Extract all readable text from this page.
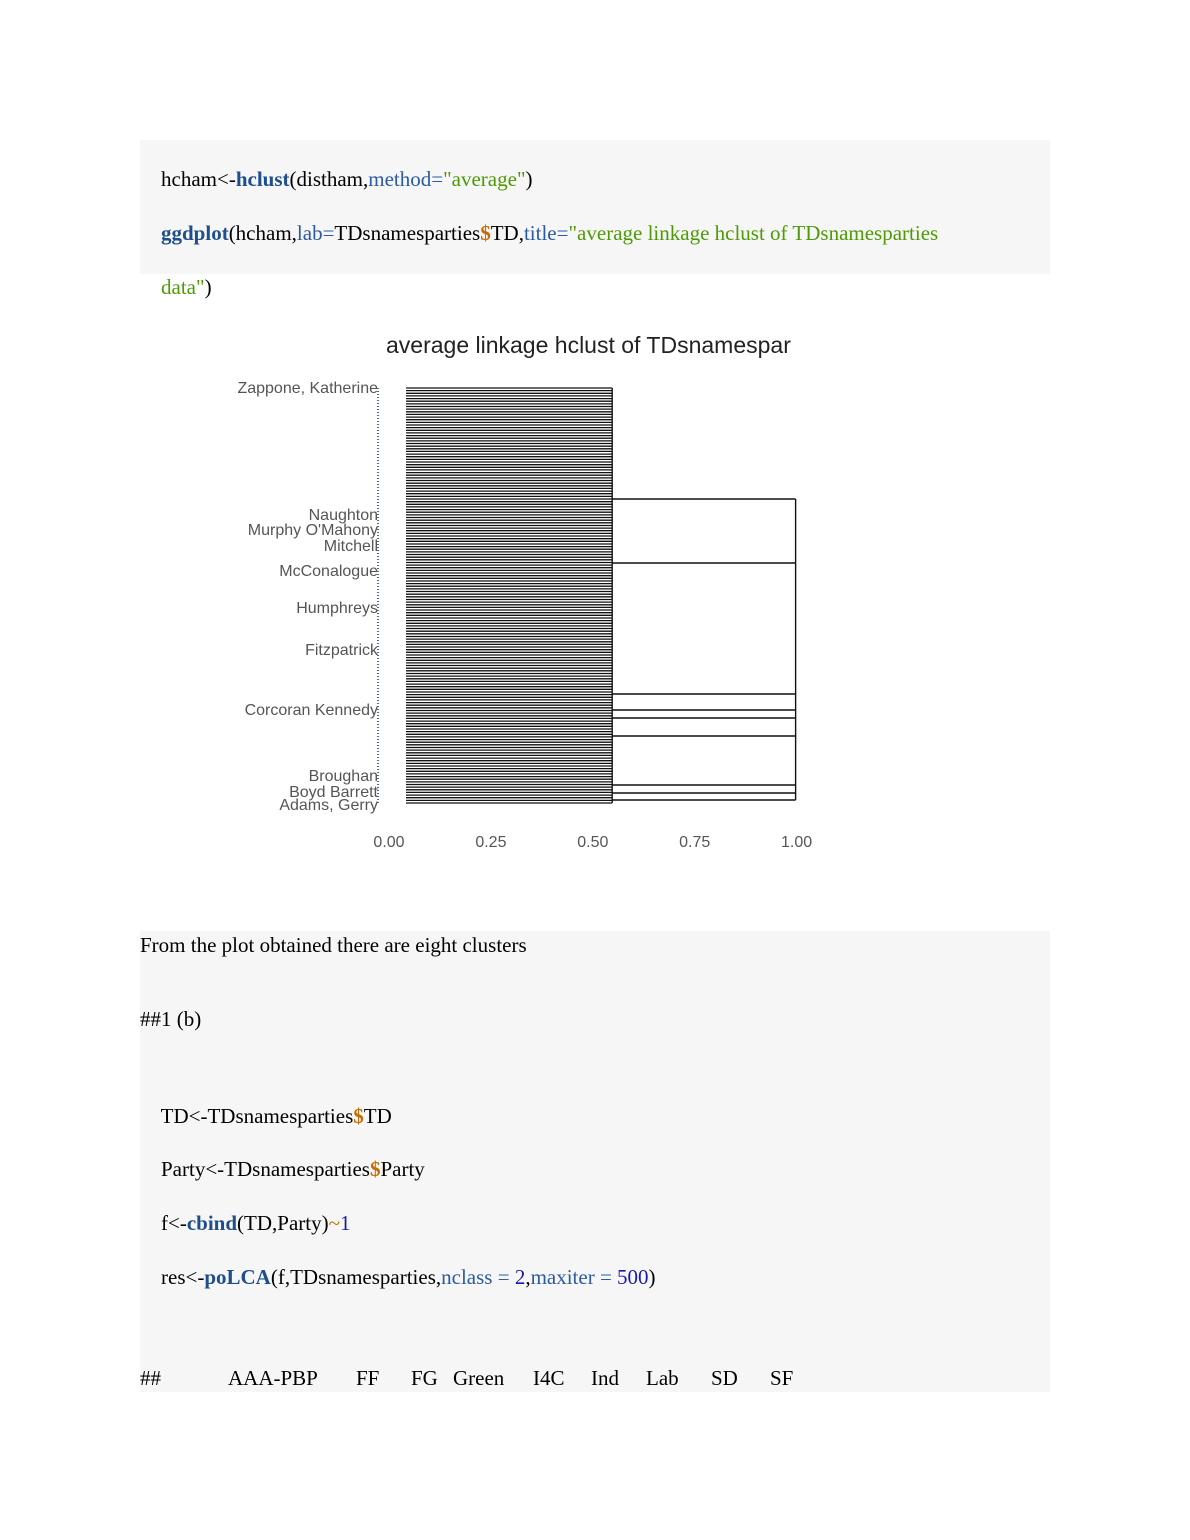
hcham<-hclust(distham,method="average")

ggdplot(hcham,lab=TDsnamesparties$TD,title="average linkage hclust of TDsnamesparties

data")

average linkage hclust of TDsnamespar
Zappone, Katherine
Murphy O'Mahony
Corcoran Kennedy
Humphreys
Naughton
Mitchell
McConalogue
Fitzpatrick
Broughan
Boyd Barrett
Adams, Gerry
0.00	0.25	0.50	0.75	1.00
From the plot obtained there are eight clusters
##1 (b)

TD<-TDsnamesparties$TD

Party<-TDsnamesparties$Party

f<-cbind(TD,Party)~1

res<-poLCA(f,TDsnamesparties,nclass = 2,maxiter = 500)

##	AAA-PBP FF FG Green I4C Ind Lab SD SF
